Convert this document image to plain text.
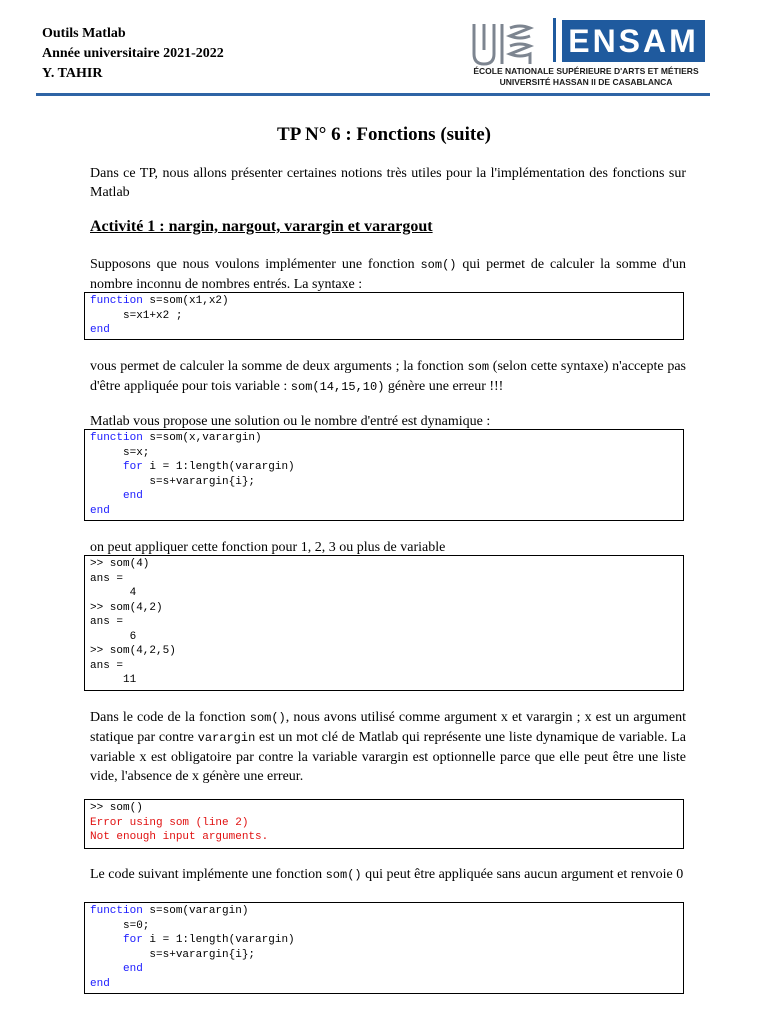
Outils Matlab
Année universitaire 2021-2022
Y. TAHIR
ENSAM
ÉCOLE NATIONALE SUPÉRIEURE D'ARTS ET MÉTIERS
UNIVERSITÉ HASSAN II DE CASABLANCA
TP N° 6 : Fonctions (suite)
Dans ce TP, nous allons présenter certaines notions très utiles pour la l'implémentation des fonctions sur Matlab
Activité 1 : nargin, nargout, varargin et varargout
Supposons que nous voulons implémenter une fonction som() qui permet de calculer la somme d'un nombre inconnu de nombres entrés. La syntaxe :
function s=som(x1,x2)
s=x1+x2 ;
end
vous permet de calculer la somme de deux arguments ; la fonction som (selon cette syntaxe) n'accepte pas d'être appliquée pour tois variable : som(14,15,10) génère une erreur !!!
Matlab vous propose une solution ou le nombre d'entré est dynamique :
function s=som(x,varargin)
s=x;
for i = 1:length(varargin)
s=s+varargin{i};
end
end
on peut appliquer cette fonction pour 1, 2, 3 ou plus de variable
>> som(4)
ans =
4
>> som(4,2)
ans =
6
>> som(4,2,5)
ans =
11
Dans le code de la fonction som(), nous avons utilisé comme argument x et varargin ; x est un argument statique par contre varargin est un mot clé de Matlab qui représente une liste dynamique de variable. La variable x est obligatoire par contre la variable varargin est optionnelle parce que elle peut être une liste vide, l'absence de x génère une erreur.
>> som()
Error using som (line 2)
Not enough input arguments.
Le code suivant implémente une fonction som() qui peut être appliquée sans aucun argument et renvoie 0
function s=som(varargin)
s=0;
for i = 1:length(varargin)
s=s+varargin{i};
end
end
